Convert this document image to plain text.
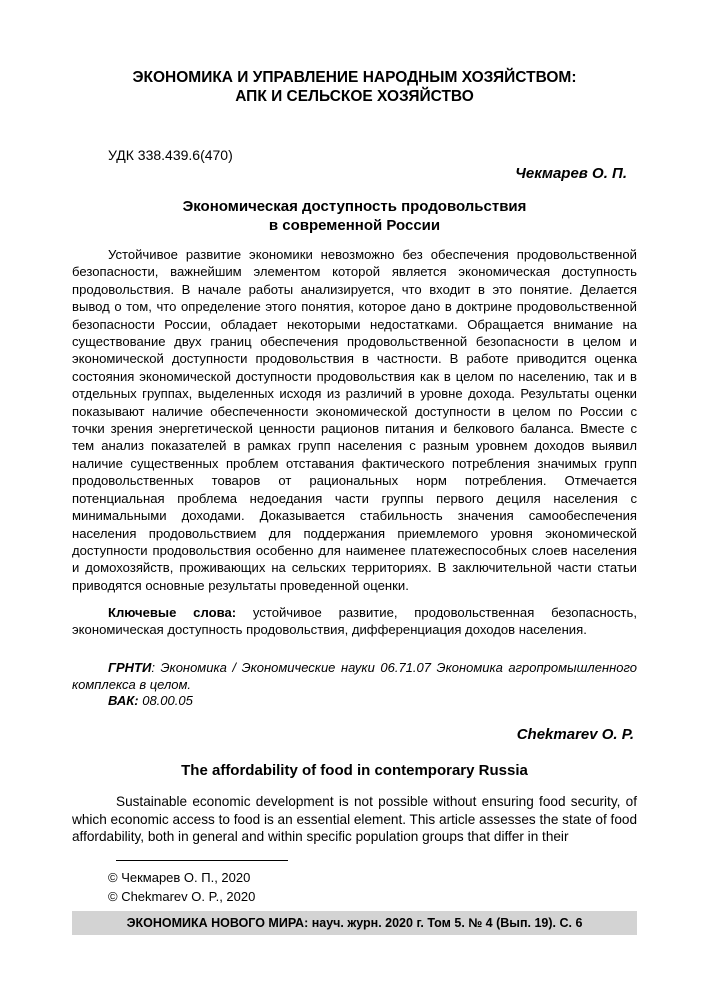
ЭКОНОМИКА И УПРАВЛЕНИЕ НАРОДНЫМ ХОЗЯЙСТВОМ:
АПК И СЕЛЬСКОЕ ХОЗЯЙСТВО
УДК 338.439.6(470)
Чекмарев О. П.
Экономическая доступность продовольствия
в современной России

Устойчивое развитие экономики невозможно без обеспечения продовольственной безопасности, важнейшим элементом которой является экономическая доступность продовольствия. В начале работы анализируется, что входит в это понятие. Делается вывод о том, что определение этого понятия, которое дано в доктрине продовольственной безопасности России, обладает некоторыми недостатками. Обращается внимание на существование двух границ обеспечения продовольственной безопасности в целом и экономической доступности продовольствия в частности. В работе приводится оценка состояния экономической доступности продовольствия как в целом по населению, так и в отдельных группах, выделенных исходя из различий в уровне дохода. Результаты оценки показывают наличие обеспеченности экономической доступности в целом по России с точки зрения энергетической ценности рационов питания и белкового баланса. Вместе с тем анализ показателей в рамках групп населения с разным уровнем доходов выявил наличие существенных проблем отставания фактического потребления значимых групп продовольственных товаров от рациональных норм потребления. Отмечается потенциальная проблема недоедания части группы первого дециля населения с минимальными доходами. Доказывается стабильность значения самообеспечения населения продовольствием для поддержания приемлемого уровня экономической доступности продовольствия особенно для наименее платежеспособных слоев населения и домохозяйств, проживающих на сельских территориях. В заключительной части статьи приводятся основные результаты проведенной оценки.

Ключевые слова: устойчивое развитие, продовольственная безопасность, экономическая доступность продовольствия, дифференциация доходов населения.

ГРНТИ: Экономика / Экономические науки 06.71.07 Экономика агропромышленного комплекса в целом.

ВАК: 08.00.05
Chekmarev O. P.
The affordability of food in contemporary Russia

Sustainable economic development is not possible without ensuring food security, of which economic access to food is an essential element. This article assesses the state of food affordability, both in general and within specific population groups that differ in their

© Чекмарев О. П., 2020
© Chekmarev O. P., 2020
ЭКОНОМИКА НОВОГО МИРА: науч. журн. 2020 г. Том 5. № 4 (Вып. 19). С. 6
